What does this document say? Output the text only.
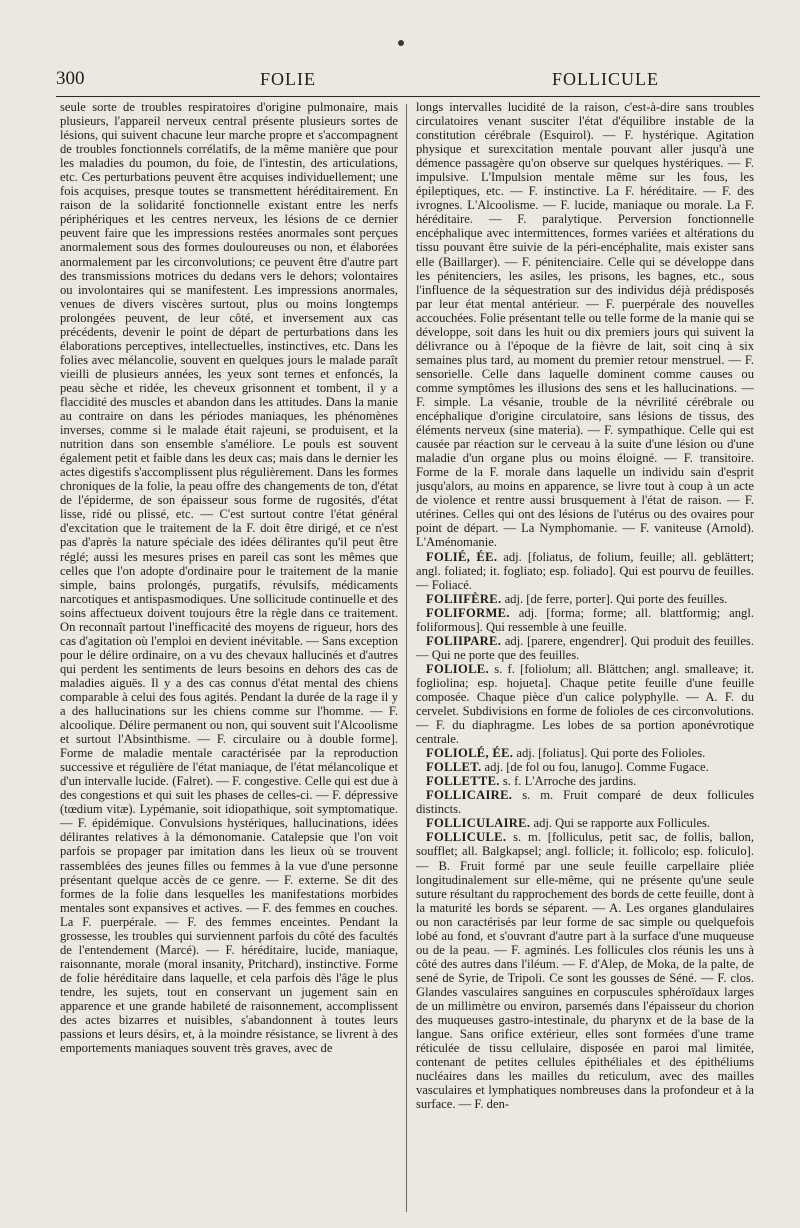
300	FOLIE	FOLLICULE

seule sorte de troubles respiratoires d'origine pulmonaire, mais plusieurs, l'appareil nerveux central présente plusieurs sortes de lésions, qui suivent chacune leur marche propre et s'accompagnent de troubles fonctionnels corrélatifs, de la même manière que pour les maladies du poumon, du foie, de l'intestin, des articulations, etc. Ces perturbations peuvent être acquises individuellement; une fois acquises, presque toutes se transmettent héréditairement. En raison de la solidarité fonctionnelle existant entre les nerfs périphériques et les centres nerveux, les lésions de ce dernier peuvent faire que les impressions restées anormales sont perçues anormalement sous des formes douloureuses ou non, et élaborées anormalement par les circonvolutions; ce peuvent être d'autre part des transmissions motrices du dedans vers le dehors; volontaires ou involontaires qui se manifestent. Les impressions anormales, venues de divers viscères surtout, plus ou moins longtemps prolongées peuvent, de leur côté, et inversement aux cas précédents, devenir le point de départ de perturbations dans les élaborations perceptives, intellectuelles, instinctives, etc. Dans les folies avec mélancolie, souvent en quelques jours le malade paraît vieilli de plusieurs années, les yeux sont ternes et enfoncés, la peau sèche et ridée, les cheveux grisonnent et tombent, il y a flaccidité des muscles et abandon dans les attitudes. Dans la manie au contraire on dans les périodes maniaques, les phénomènes inverses, comme si le malade était rajeuni, se produisent, et la nutrition dans son ensemble s'améliore. Le pouls est souvent également petit et faible dans les deux cas; mais dans le dernier les actes digestifs s'accomplissent plus régulièrement. Dans les formes chroniques de la folie, la peau offre des changements de ton, d'état de l'épiderme, de son épaisseur sous forme de rugosités, d'état lisse, ridé ou plissé, etc. — C'est surtout contre l'état général d'excitation que le traitement de la F. doit être dirigé, et ce n'est pas d'après la nature spéciale des idées délirantes qu'il peut être réglé; aussi les mesures prises en pareil cas sont les mêmes que celles que l'on adopte d'ordinaire pour le traitement de la manie simple, bains prolongés, purgatifs, révulsifs, médicaments narcotiques et antispasmodiques. Une sollicitude continuelle et des soins affectueux doivent toujours être la règle dans ce traitement. On reconnaît partout l'inefficacité des moyens de rigueur, hors des cas d'agitation où l'emploi en devient inévitable. — Sans exception pour le délire ordinaire, on a vu des chevaux hallucinés et d'autres qui perdent les sentiments de leurs besoins en dehors des cas de maladies aiguës. Il y a des cas connus d'état mental des chiens comparable à celui des fous agités. Pendant la durée de la rage il y a des hallucinations sur les chiens comme sur l'homme. — F. alcoolique. Délire permanent ou non, qui souvent suit l'Alcoolisme et surtout l'Absinthisme. — F. circulaire ou à double forme]. Forme de maladie mentale caractérisée par la reproduction successive et régulière de l'état maniaque, de l'état mélancolique et d'un intervalle lucide. (Falret). — F. congestive. Celle qui est due à des congestions et qui suit les phases de celles-ci. — F. dépressive (tœdium vitæ). Lypémanie, soit idiopathique, soit symptomatique. — F. épidémique. Convulsions hystériques, hallucinations, idées délirantes relatives à la démonomanie. Catalepsie que l'on voit parfois se propager par imitation dans les lieux où se trouvent rassemblées des jeunes filles ou femmes à la vue d'une personne présentant quelque accès de ce genre. — F. externe. Se dit des formes de la folie dans lesquelles les manifestations morbides mentales sont expansives et actives. — F. des femmes en couches. La F. puerpérale. — F. des femmes enceintes. Pendant la grossesse, les troubles qui surviennent parfois du côté des facultés de l'entendement (Marcé). — F. héréditaire, lucide, maniaque, raisonnante, morale (moral insanity, Pritchard), instinctive. Forme de folie héréditaire dans laquelle, et cela parfois dès l'âge le plus tendre, les sujets, tout en conservant un jugement sain en apparence et une grande habileté de raisonnement, accomplissent des actes bizarres et nuisibles, s'abandonnent à toutes leurs passions et leurs désirs, et, à la moindre résistance, se livrent à des emportements maniaques souvent très graves, avec de

longs intervalles lucidité de la raison, c'est-à-dire sans troubles circulatoires venant susciter l'état d'équilibre instable de la constitution cérébrale (Esquirol). — F. hystérique. Agitation physique et surexcitation mentale pouvant aller jusqu'à une démence passagère qu'on observe sur quelques hystériques. — F. impulsive. L'Impulsion mentale même sur les fous, les épileptiques, etc. — F. instinctive. La F. héréditaire. — F. des ivrognes. L'Alcoolisme. — F. lucide, maniaque ou morale. La F. héréditaire. — F. paralytique. Perversion fonctionnelle encéphalique avec intermittences, formes variées et altérations du tissu pouvant être suivie de la péri-encéphalite, mais exister sans elle (Baillarger). — F. pénitenciaire. Celle qui se développe dans les pénitenciers, les asiles, les prisons, les bagnes, etc., sous l'influence de la séquestration sur des individus déjà prédisposés par leur état mental antérieur. — F. puerpérale des nouvelles accouchées. Folie présentant telle ou telle forme de la manie qui se développe, soit dans les huit ou dix premiers jours qui suivent la délivrance ou à l'époque de la fièvre de lait, soit cinq à six semaines plus tard, au moment du premier retour menstruel. — F. sensorielle. Celle dans laquelle dominent comme causes ou comme symptômes les illusions des sens et les hallucinations. — F. simple. La vésanie, trouble de la névrilité cérébrale ou encéphalique d'origine circulatoire, sans lésions de tissus, des éléments nerveux (sine materia). — F. sympathique. Celle qui est causée par réaction sur le cerveau à la suite d'une lésion ou d'une maladie d'un organe plus ou moins éloigné. — F. transitoire. Forme de la F. morale dans laquelle un individu sain d'esprit jusqu'alors, au moins en apparence, se livre tout à coup à un acte de violence et rentre aussi brusquement à l'état de raison. — F. utérines. Celles qui ont des lésions de l'utérus ou des ovaires pour point de départ. — La Nymphomanie. — F. vaniteuse (Arnold). L'Aménomanie.

FOLIÉ, ÉE. adj. [foliatus, de folium, feuille; all. geblättert; angl. foliated; it. fogliato; esp. foliado]. Qui est pourvu de feuilles. — Foliacé.

FOLIIFÈRE. adj. [de ferre, porter]. Qui porte des feuilles.

FOLIFORME. adj. [forma; forme; all. blattformig; angl. foliformous]. Qui ressemble à une feuille.

FOLIIPARE. adj. [parere, engendrer]. Qui produit des feuilles. — Qui ne porte que des feuilles.

FOLIOLE. s. f. [foliolum; all. Blättchen; angl. smalleave; it. fogliolina; esp. hojueta]. Chaque petite feuille d'une feuille composée. Chaque pièce d'un calice polyphylle. — A. F. du cervelet. Subdivisions en forme de folioles de ces circonvolutions. — F. du diaphragme. Les lobes de sa portion aponévrotique centrale.

FOLIOLÉ, ÉE. adj. [foliatus]. Qui porte des Folioles.

FOLLET. adj. [de fol ou fou, lanugo]. Comme Fugace.

FOLLETTE. s. f. L'Arroche des jardins.

FOLLICAIRE. s. m. Fruit comparé de deux follicules distincts.

FOLLICULAIRE. adj. Qui se rapporte aux Follicules.

FOLLICULE. s. m. [folliculus, petit sac, de follis, ballon, soufflet; all. Balgkapsel; angl. follicle; it. follicolo; esp. foliculo]. — B. Fruit formé par une seule feuille carpellaire pliée longitudinalement sur elle-même, qui ne présente qu'une seule suture résultant du rapprochement des bords de cette feuille, dont à la maturité les bords se séparent. — A. Les organes glandulaires ou non caractérisés par leur forme de sac simple ou quelquefois lobé au fond, et s'ouvrant d'autre part à la surface d'une muqueuse ou de la peau. — F. agminés. Les follicules clos réunis les uns à côté des autres dans l'iléum. — F. d'Alep, de Moka, de la palte, de sené de Syrie, de Tripoli. Ce sont les gousses de Séné. — F. clos. Glandes vasculaires sanguines en corpuscules sphéroïdaux larges de un millimètre ou environ, parsemés dans l'épaisseur du chorion des muqueuses gastro-intestinale, du pharynx et de la base de la langue. Sans orifice extérieur, elles sont formées d'une trame réticulée de tissu cellulaire, disposée en paroi mal limitée, contenant de petites cellules épithéliales et des épithéliums nucléaires dans les mailles du reticulum, avec des mailles vasculaires et lymphatiques nombreuses dans la profondeur et à la surface. — F. den-
